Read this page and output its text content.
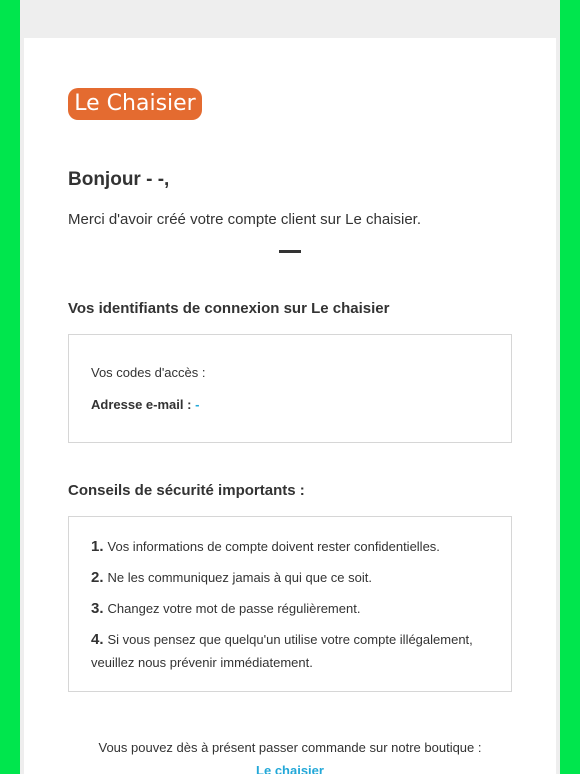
Le Chaisier
Bonjour - -,
Merci d'avoir créé votre compte client sur Le chaisier.
Vos identifiants de connexion sur Le chaisier
Vos codes d'accès :
Adresse e-mail : -
Conseils de sécurité importants :
1. Vos informations de compte doivent rester confidentielles.
2. Ne les communiquez jamais à qui que ce soit.
3. Changez votre mot de passe régulièrement.
4. Si vous pensez que quelqu'un utilise votre compte illégalement, veuillez nous prévenir immédiatement.
Vous pouvez dès à présent passer commande sur notre boutique :
Le chaisier
